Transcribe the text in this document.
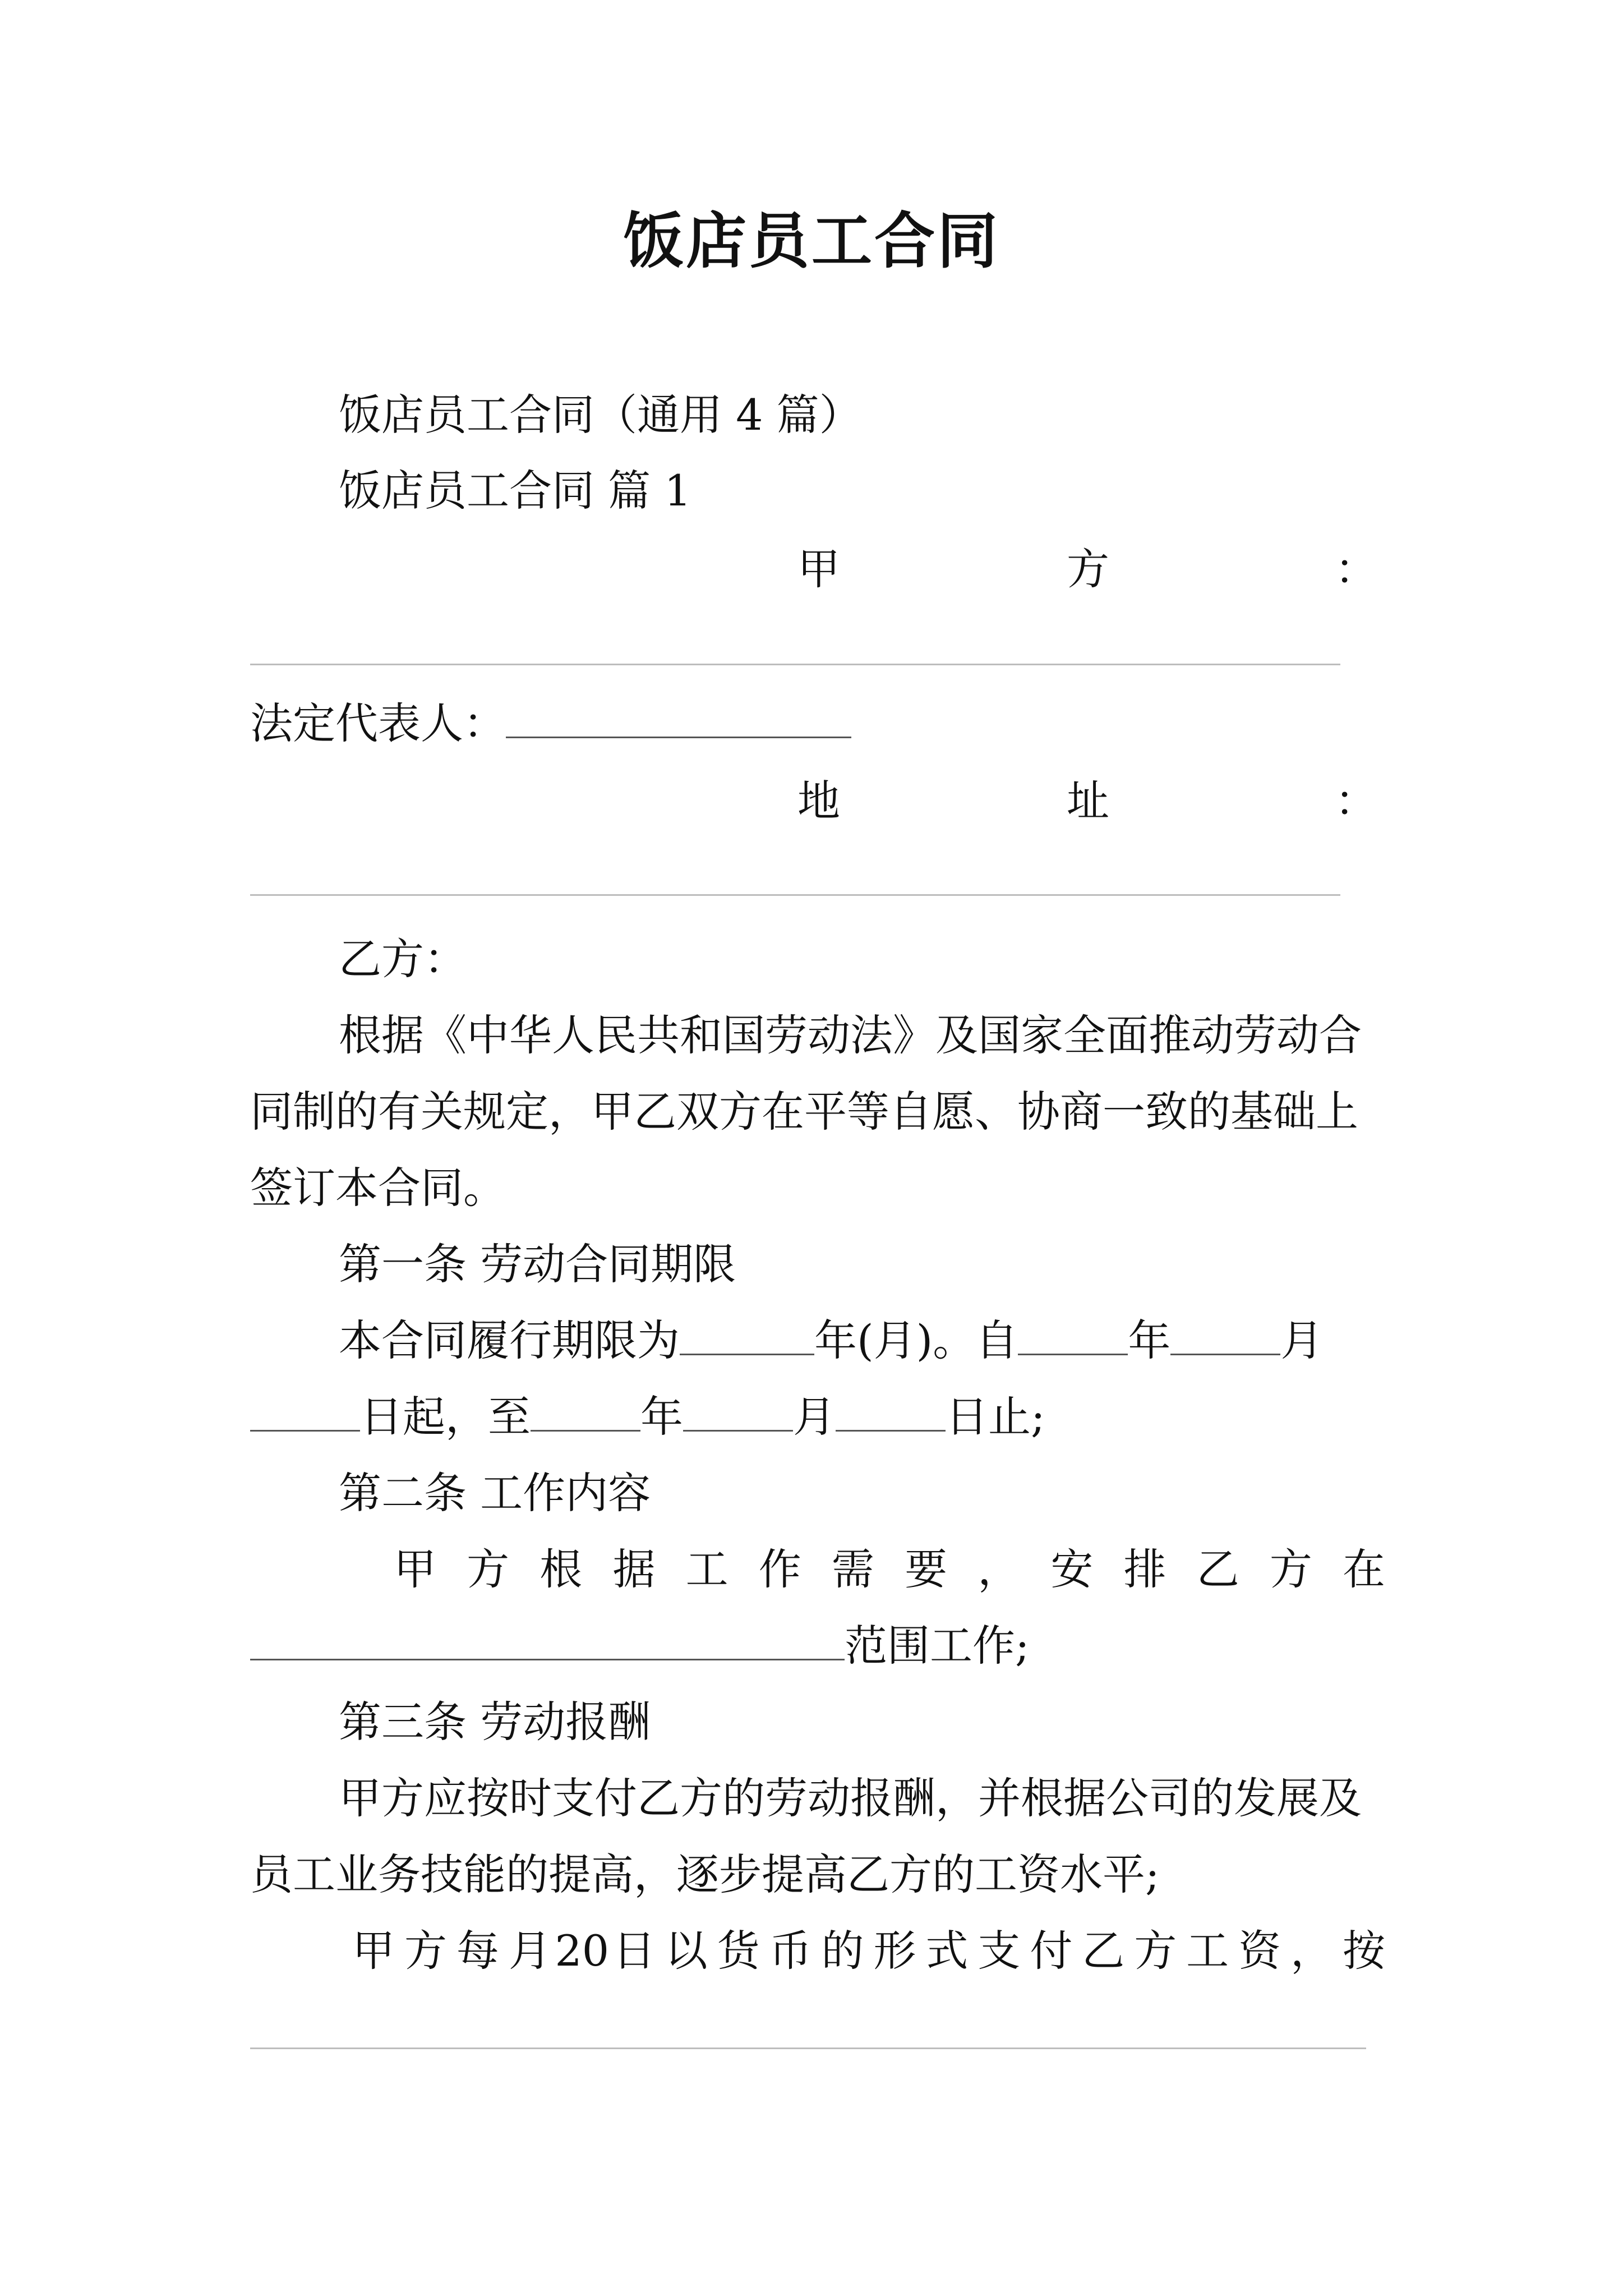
饭店员工合同
饭店员工合同（通用 4 篇）
饭店员工合同 篇 1
甲	方	：
法定代表人：
地	址	：
乙方：
根据《中华人民共和国劳动法》及国家全面推动劳动合
同制的有关规定，甲乙双方在平等自愿、协商一致的基础上
签订本合同。
第一条 劳动合同期限
本合同履行期限为	年(月)。自	年	月
日起，至	年	月	日止;
第二条 工作内容
甲 方 根 据 工 作 需 要 ， 安 排 乙 方 在
范围工作;
第三条 劳动报酬
甲方应按时支付乙方的劳动报酬，并根据公司的发展及
员工业务技能的提高，逐步提高乙方的工资水平;
甲 方 每 月 20 日 以 货 币 的 形 式 支 付 乙 方 工 资 ， 按
